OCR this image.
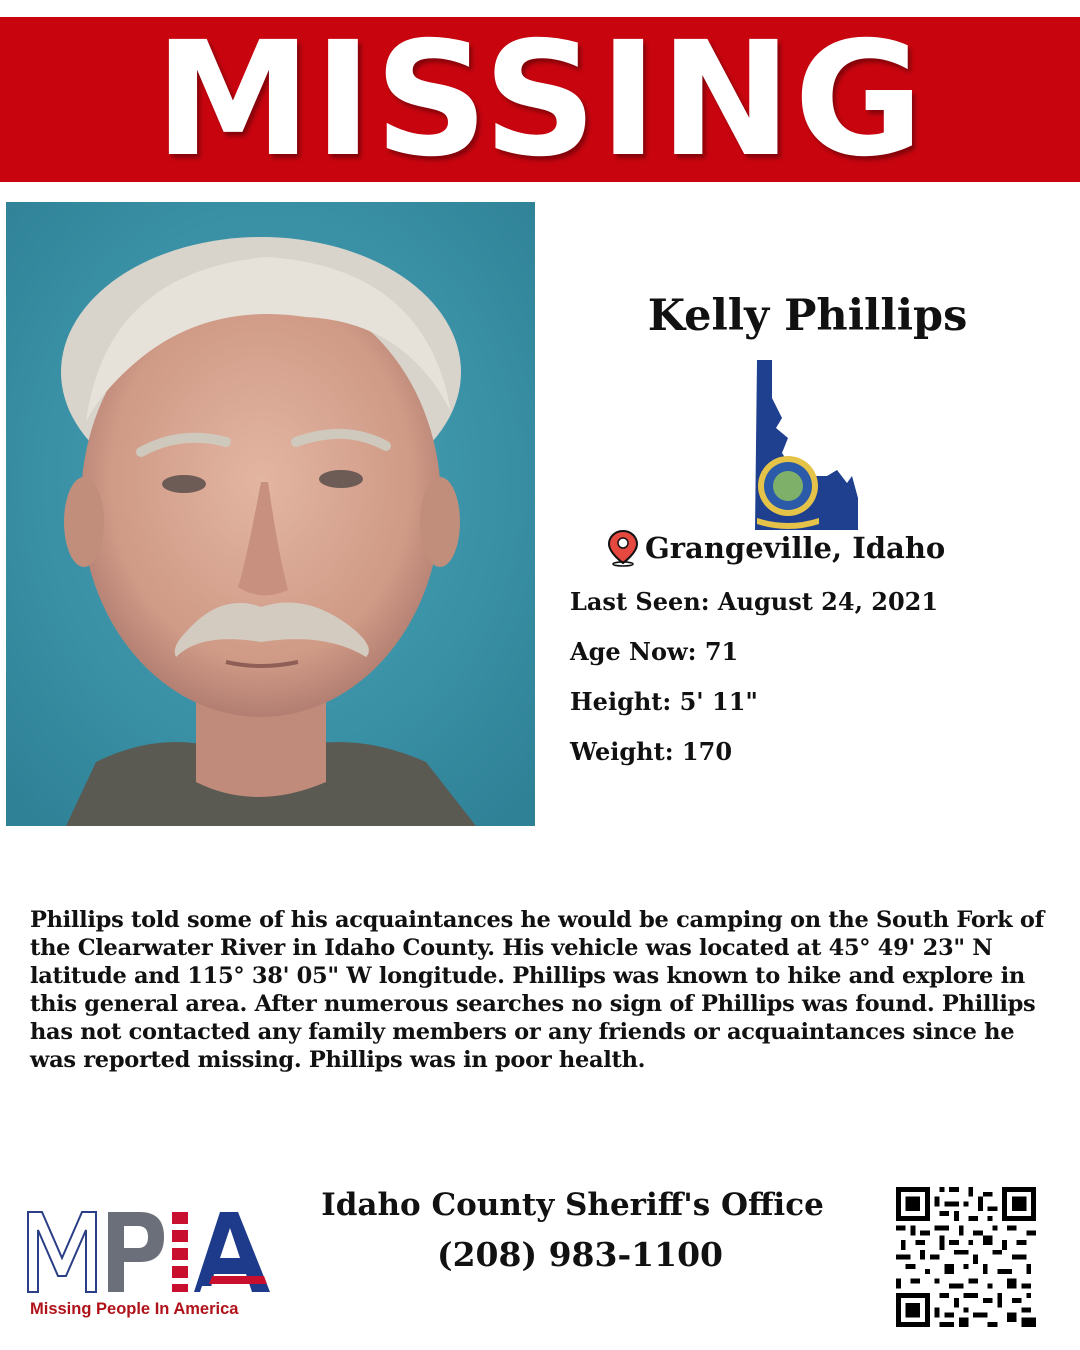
MISSING
Kelly Phillips
Grangeville, Idaho
Last Seen: August 24, 2021
Age Now: 71
Height: 5' 11"
Weight: 170
Phillips told some of his acquaintances he would be camping on the South Fork of the Clearwater River in Idaho County. His vehicle was located at 45° 49' 23" N latitude and 115° 38' 05" W longitude. Phillips was known to hike and explore in this general area. After numerous searches no sign of Phillips was found. Phillips has not contacted any family members or any friends or acquaintances since he was reported missing. Phillips was in poor health.
Missing People In America
Idaho County Sheriff's Office
(208) 983-1100
